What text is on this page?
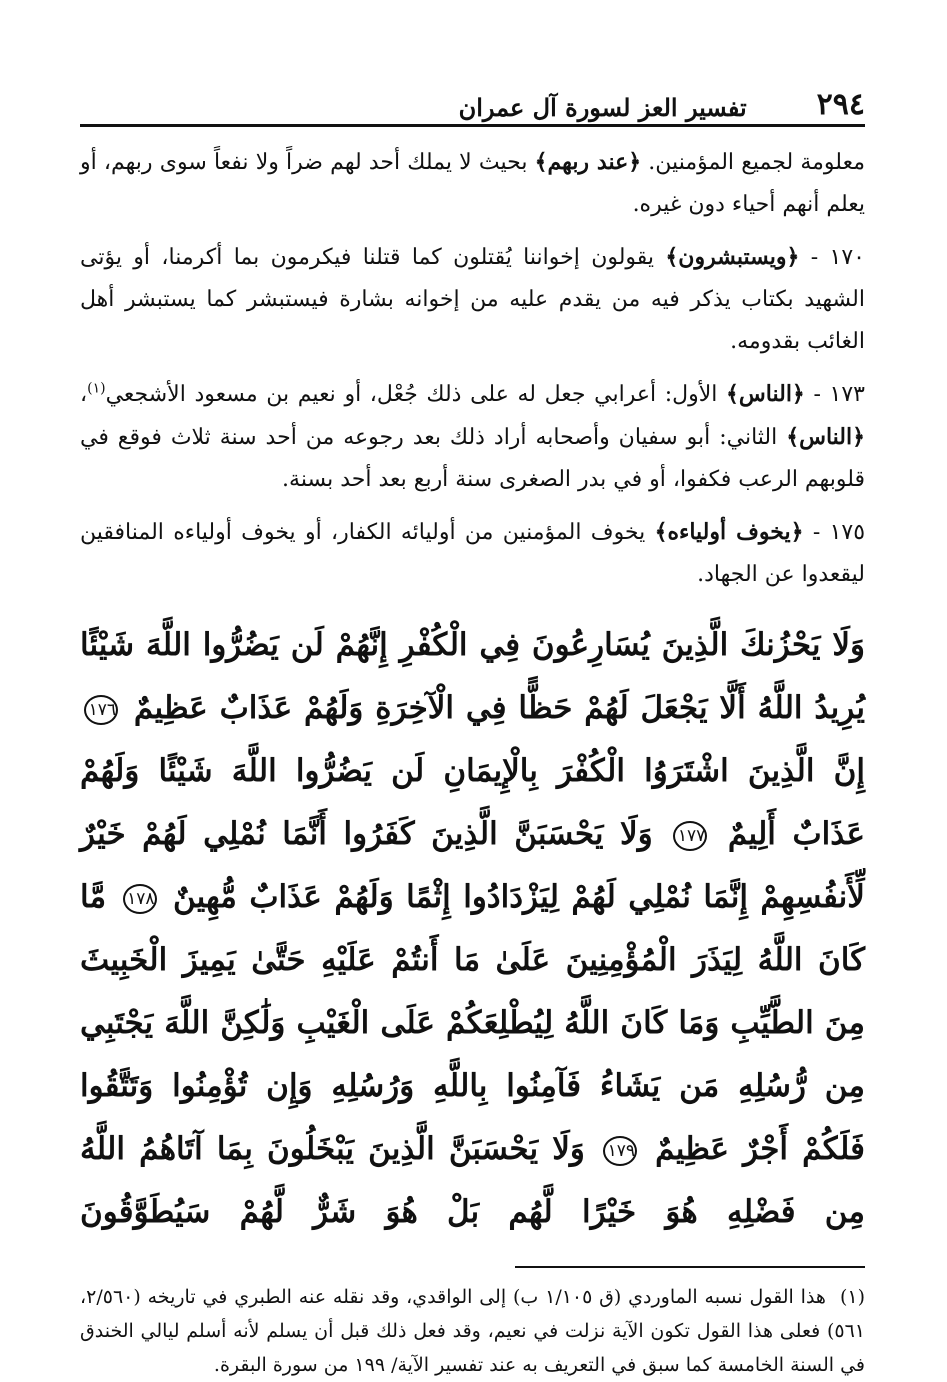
٢٩٤
تفسير العز لسورة آل عمران

معلومة لجميع المؤمنين. ﴿عند ربهم﴾ بحيث لا يملك أحد لهم ضراً ولا نفعاً سوى ربهم، أو يعلم أنهم أحياء دون غيره.

١٧٠ - ﴿ويستبشرون﴾ يقولون إخواننا يُقتلون كما قتلنا فيكرمون بما أكرمنا، أو يؤتى الشهيد بكتاب يذكر فيه من يقدم عليه من إخوانه بشارة فيستبشر كما يستبشر أهل الغائب بقدومه.

١٧٣ - ﴿الناس﴾ الأول: أعرابي جعل له على ذلك جُعْل، أو نعيم بن مسعود الأشجعي$^{(١)}$، ﴿الناس﴾ الثاني: أبو سفيان وأصحابه أراد ذلك بعد رجوعه من أحد سنة ثلاث فوقع في قلوبهم الرعب فكفوا، أو في بدر الصغرى سنة أربع بعد أحد بسنة.

١٧٥ - ﴿يخوف أولياءه﴾ يخوف المؤمنين من أوليائه الكفار، أو يخوف أولياءه المنافقين ليقعدوا عن الجهاد.

وَلَا يَحْزُنكَ الَّذِينَ يُسَارِعُونَ فِي الْكُفْرِ إِنَّهُمْ لَن يَضُرُّوا اللَّهَ شَيْئًا يُرِيدُ اللَّهُ أَلَّا يَجْعَلَ لَهُمْ حَظًّا فِي الْآخِرَةِ وَلَهُمْ عَذَابٌ عَظِيمٌ ١٧٦ إِنَّ الَّذِينَ اشْتَرَوُا الْكُفْرَ بِالْإِيمَانِ لَن يَضُرُّوا اللَّهَ شَيْئًا وَلَهُمْ عَذَابٌ أَلِيمٌ ١٧٧ وَلَا يَحْسَبَنَّ الَّذِينَ كَفَرُوا أَنَّمَا نُمْلِي لَهُمْ خَيْرٌ لِّأَنفُسِهِمْ إِنَّمَا نُمْلِي لَهُمْ لِيَزْدَادُوا إِثْمًا وَلَهُمْ عَذَابٌ مُّهِينٌ ١٧٨ مَّا كَانَ اللَّهُ لِيَذَرَ الْمُؤْمِنِينَ عَلَىٰ مَا أَنتُمْ عَلَيْهِ حَتَّىٰ يَمِيزَ الْخَبِيثَ مِنَ الطَّيِّبِ وَمَا كَانَ اللَّهُ لِيُطْلِعَكُمْ عَلَى الْغَيْبِ وَلَٰكِنَّ اللَّهَ يَجْتَبِي مِن رُّسُلِهِ مَن يَشَاءُ فَآمِنُوا بِاللَّهِ وَرُسُلِهِ وَإِن تُؤْمِنُوا وَتَتَّقُوا فَلَكُمْ أَجْرٌ عَظِيمٌ ١٧٩ وَلَا يَحْسَبَنَّ الَّذِينَ يَبْخَلُونَ بِمَا آتَاهُمُ اللَّهُ مِن فَضْلِهِ هُوَ خَيْرًا لَّهُم بَلْ هُوَ شَرٌّ لَّهُمْ سَيُطَوَّقُونَ
(١)هذا القول نسبه الماوردي (ق ١/١٠٥ ب) إلى الواقدي، وقد نقله عنه الطبري في تاريخه (٢/٥٦٠، ٥٦١) فعلى هذا القول تكون الآية نزلت في نعيم، وقد فعل ذلك قبل أن يسلم لأنه أسلم ليالي الخندق في السنة الخامسة كما سبق في التعريف به عند تفسير الآية/ ١٩٩ من سورة البقرة.
